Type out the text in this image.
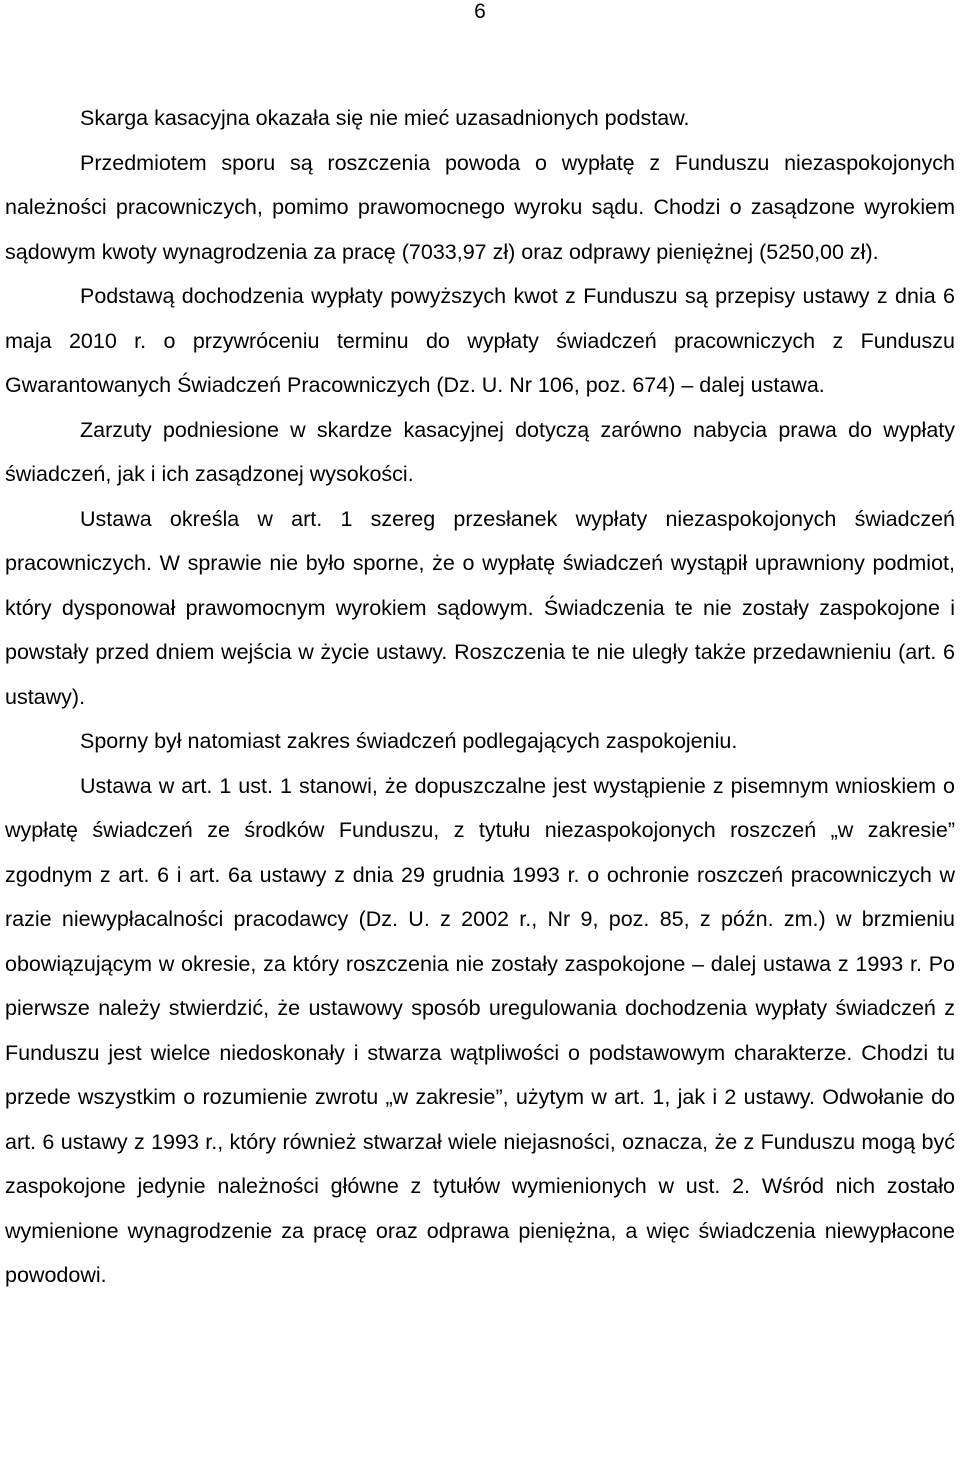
6

Skarga kasacyjna okazała się nie mieć uzasadnionych podstaw.

Przedmiotem sporu są roszczenia powoda o wypłatę z Funduszu niezaspokojonych należności pracowniczych, pomimo prawomocnego wyroku sądu. Chodzi o zasądzone wyrokiem sądowym kwoty wynagrodzenia za pracę (7033,97 zł) oraz odprawy pieniężnej (5250,00 zł).

Podstawą dochodzenia wypłaty powyższych kwot z Funduszu są przepisy ustawy z dnia 6 maja 2010 r. o przywróceniu terminu do wypłaty świadczeń pracowniczych z Funduszu Gwarantowanych Świadczeń Pracowniczych (Dz. U. Nr 106, poz. 674) – dalej ustawa.

Zarzuty podniesione w skardze kasacyjnej dotyczą zarówno nabycia prawa do wypłaty świadczeń, jak i ich zasądzonej wysokości.

Ustawa określa w art. 1 szereg przesłanek wypłaty niezaspokojonych świadczeń pracowniczych. W sprawie nie było sporne, że o wypłatę świadczeń wystąpił uprawniony podmiot, który dysponował prawomocnym wyrokiem sądowym. Świadczenia te nie zostały zaspokojone i powstały przed dniem wejścia w życie ustawy. Roszczenia te nie uległy także przedawnieniu (art. 6 ustawy).

Sporny był natomiast zakres świadczeń podlegających zaspokojeniu.

Ustawa w art. 1 ust. 1 stanowi, że dopuszczalne jest wystąpienie z pisemnym wnioskiem o wypłatę świadczeń ze środków Funduszu, z tytułu niezaspokojonych roszczeń „w zakresie” zgodnym z art. 6 i art. 6a ustawy z dnia 29 grudnia 1993 r. o ochronie roszczeń pracowniczych w razie niewypłacalności pracodawcy (Dz. U. z 2002 r., Nr 9, poz. 85, z późn. zm.) w brzmieniu obowiązującym w okresie, za który roszczenia nie zostały zaspokojone – dalej ustawa z 1993 r. Po pierwsze należy stwierdzić, że ustawowy sposób uregulowania dochodzenia wypłaty świadczeń z Funduszu jest wielce niedoskonały i stwarza wątpliwości o podstawowym charakterze. Chodzi tu przede wszystkim o rozumienie zwrotu „w zakresie”, użytym w art. 1, jak i 2 ustawy. Odwołanie do art. 6 ustawy z 1993 r., który również stwarzał wiele niejasności, oznacza, że z Funduszu mogą być zaspokojone jedynie należności główne z tytułów wymienionych w ust. 2. Wśród nich zostało wymienione wynagrodzenie za pracę oraz odprawa pieniężna, a więc świadczenia niewypłacone powodowi.
